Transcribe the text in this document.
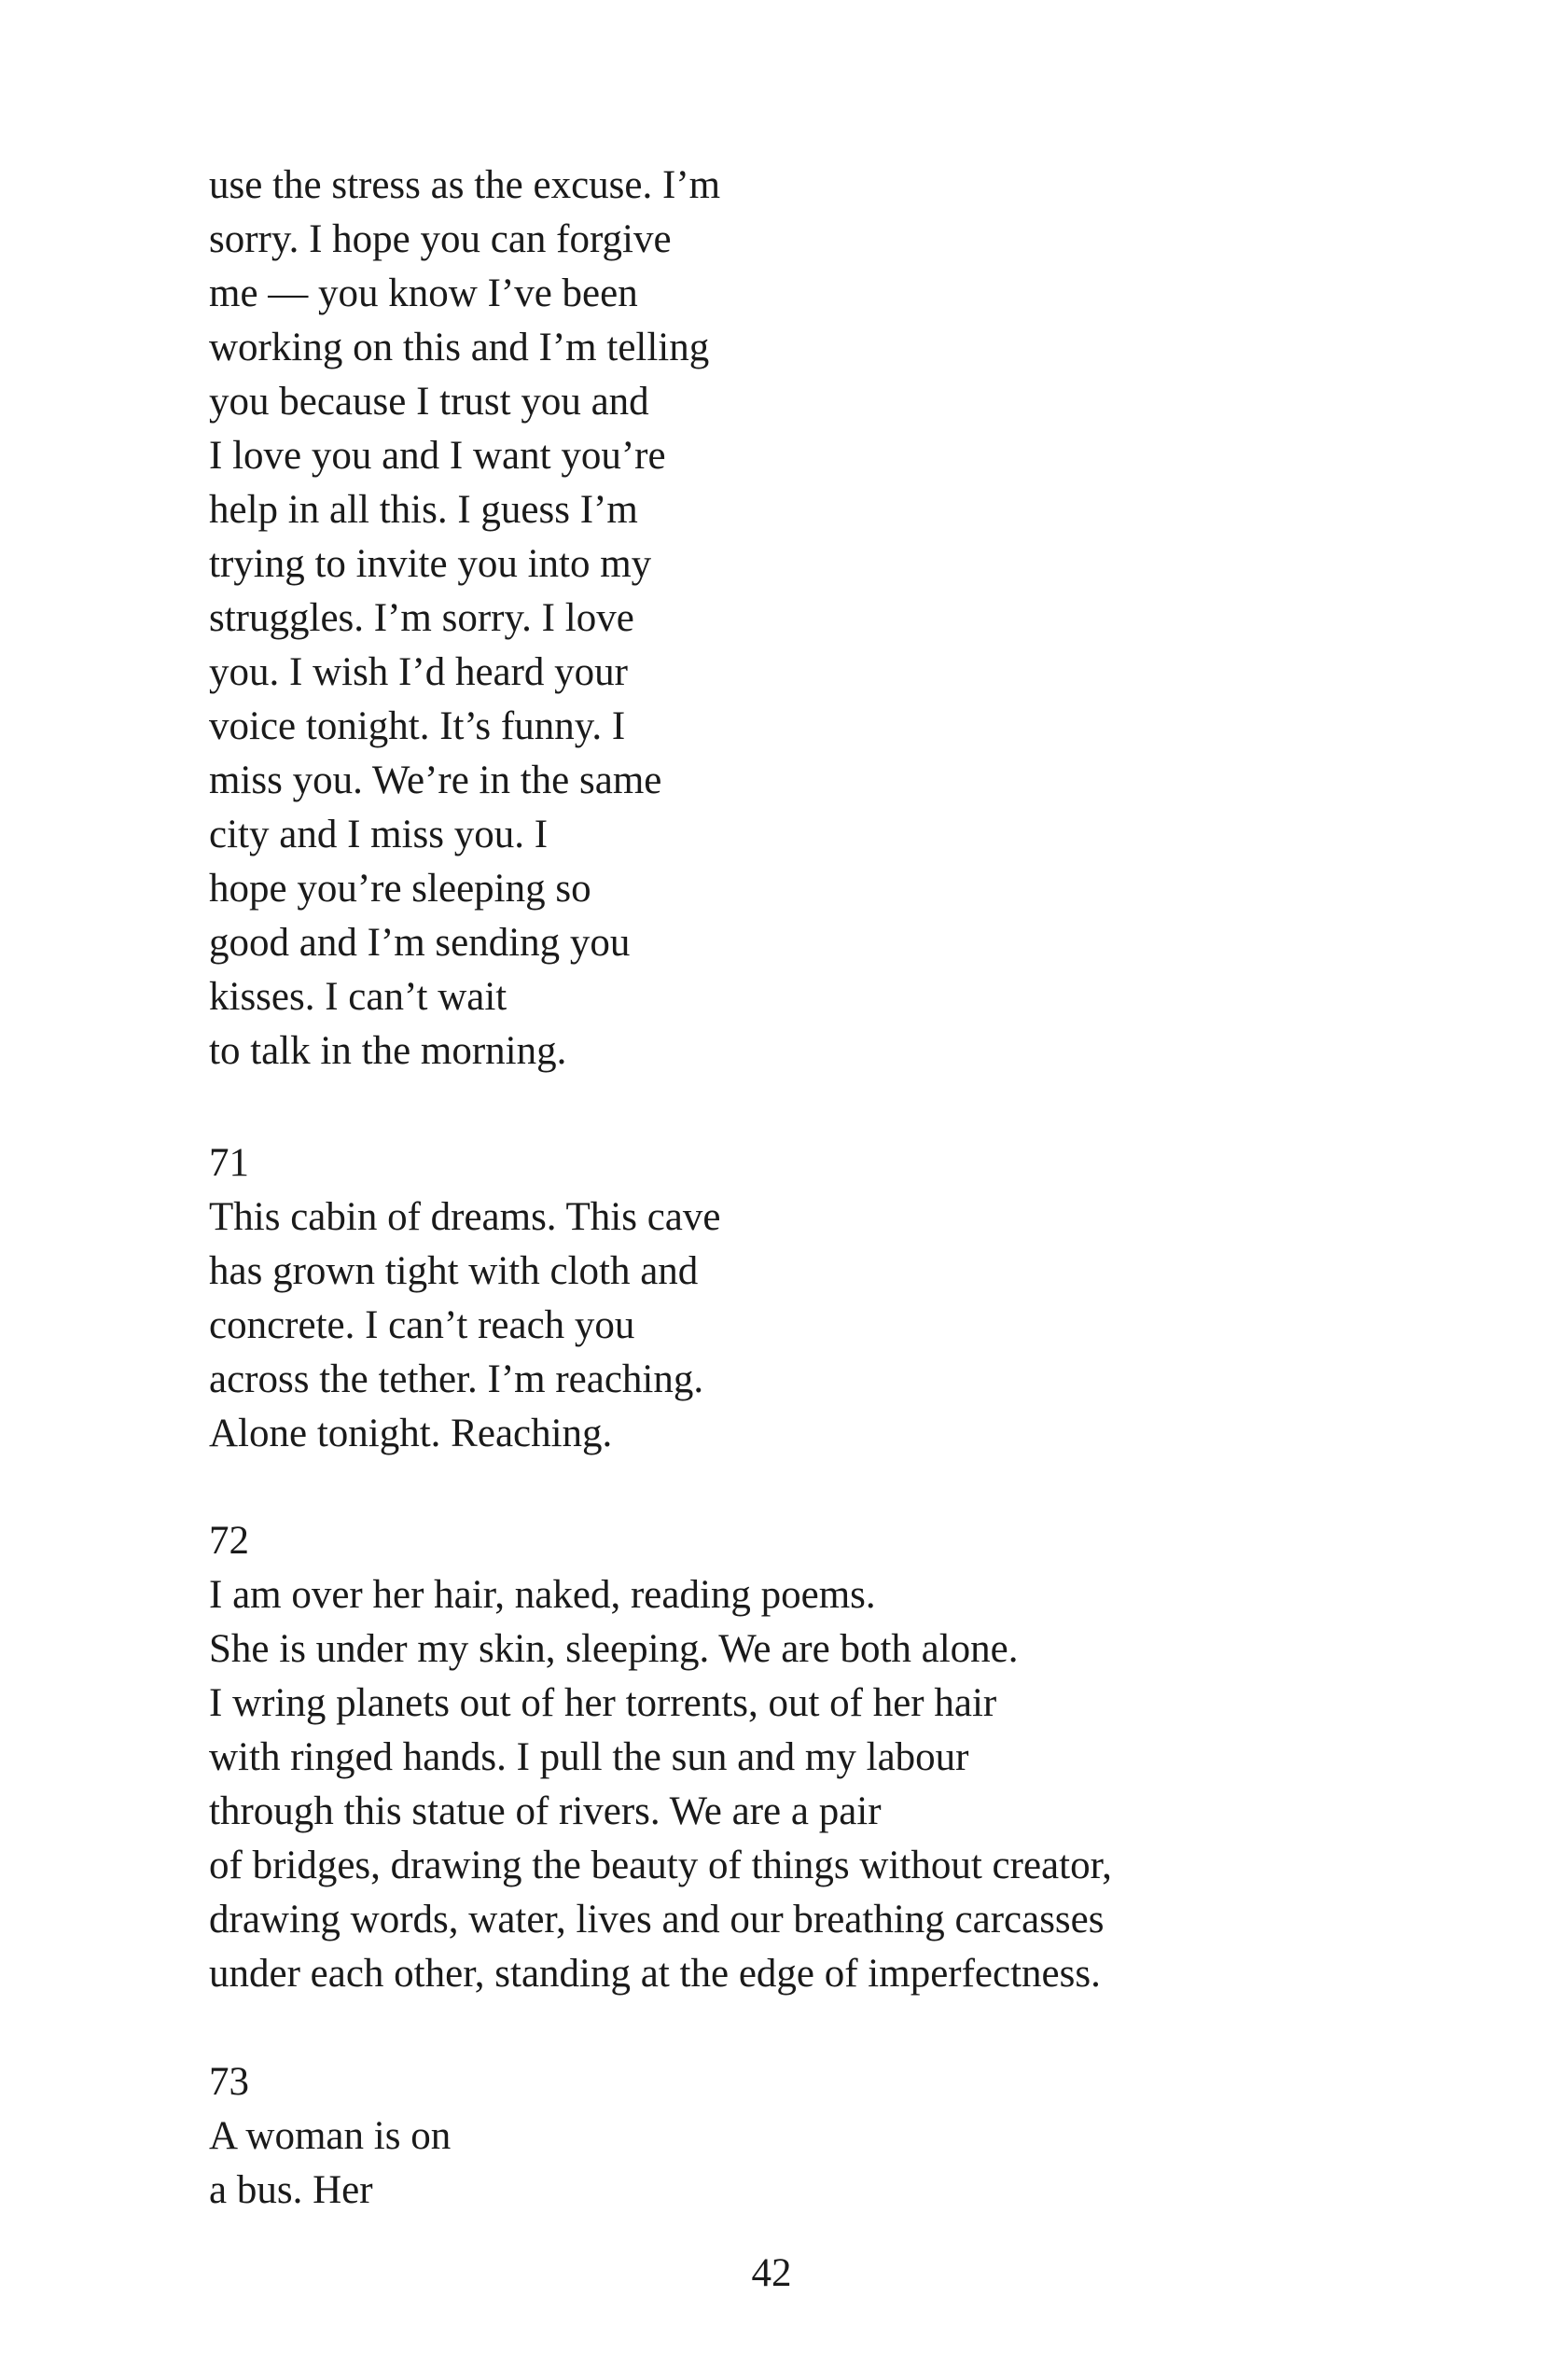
use the stress as the excuse. I’m
sorry. I hope you can forgive
me — you know I’ve been
working on this and I’m telling
you because I trust you and
I love you and I want you’re
help in all this. I guess I’m
trying to invite you into my
struggles. I’m sorry. I love
you. I wish I’d heard your
voice tonight. It’s funny. I
miss you. We’re in the same
city and I miss you. I
hope you’re sleeping so
good and I’m sending you
kisses. I can’t wait
to talk in the morning.
71
This cabin of dreams. This cave
has grown tight with cloth and
concrete. I can’t reach you
across the tether. I’m reaching.
Alone tonight. Reaching.
72
I am over her hair, naked, reading poems.
She is under my skin, sleeping. We are both alone.
I wring planets out of her torrents, out of her hair
with ringed hands. I pull the sun and my labour
through this statue of rivers. We are a pair
of bridges, drawing the beauty of things without creator,
drawing words, water, lives and our breathing carcasses
under each other, standing at the edge of imperfectness.
73
A woman is on
a bus. Her
42
